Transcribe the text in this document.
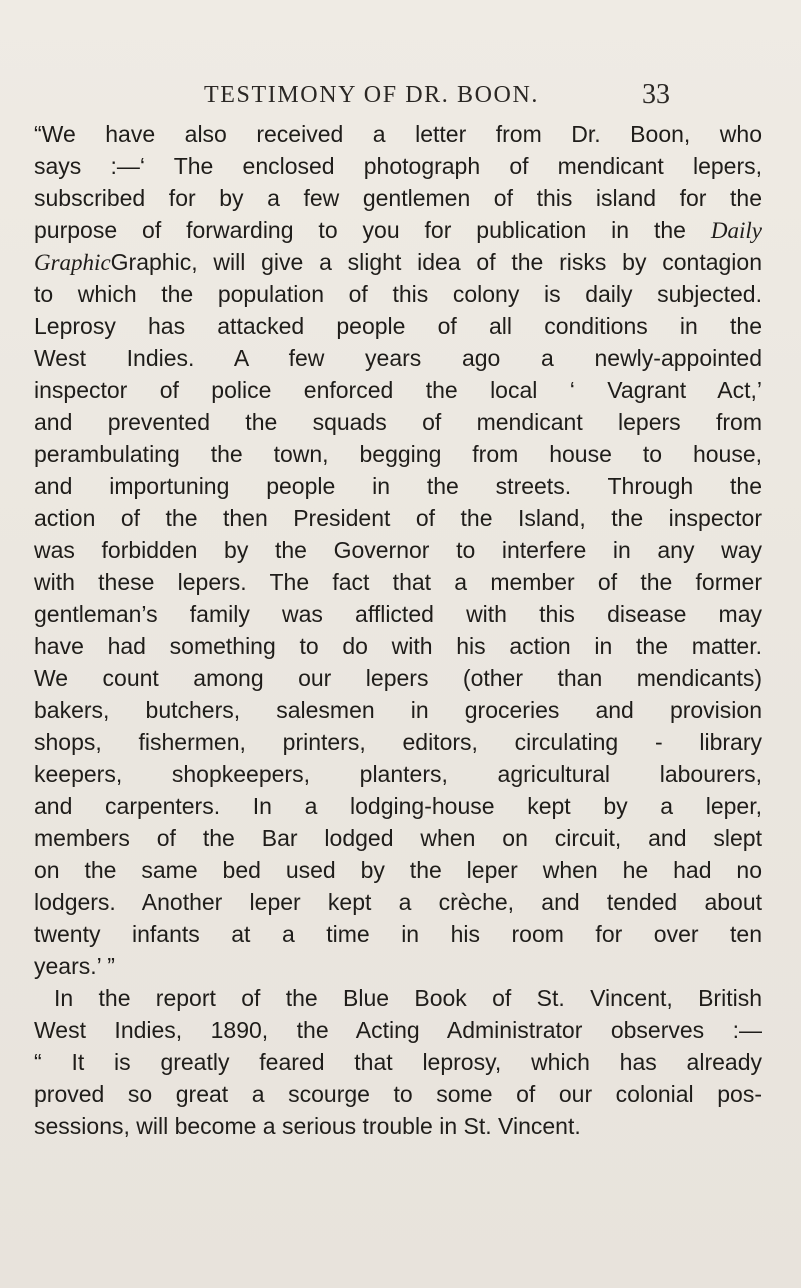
TESTIMONY OF DR. BOON.	33
“We have also received a letter from Dr. Boon, who
says :—‘ The enclosed photograph of mendicant lepers,
subscribed for by a few gentlemen of this island for the
purpose of forwarding to you for publication in the Daily
GraphicGraphic, will give a slight idea of the risks by contagion
to which the population of this colony is daily subjected.
Leprosy has attacked people of all conditions in the
West Indies. A few years ago a newly-appointed
inspector of police enforced the local ‘ Vagrant Act,’
and prevented the squads of mendicant lepers from
perambulating the town, begging from house to house,
and importuning people in the streets. Through the
action of the then President of the Island, the inspector
was forbidden by the Governor to interfere in any way
with these lepers. The fact that a member of the former
gentleman’s family was afflicted with this disease may
have had something to do with his action in the matter.
We count among our lepers (other than mendicants)
bakers, butchers, salesmen in groceries and provision
shops, fishermen, printers, editors, circulating - library
keepers, shopkeepers, planters, agricultural labourers,
and carpenters. In a lodging-house kept by a leper,
members of the Bar lodged when on circuit, and slept
on the same bed used by the leper when he had no
lodgers. Another leper kept a crèche, and tended about
twenty infants at a time in his room for over ten
years.’ ”
In the report of the Blue Book of St. Vincent, British
West Indies, 1890, the Acting Administrator observes :—
“ It is greatly feared that leprosy, which has already
proved so great a scourge to some of our colonial pos-
sessions, will become a serious trouble in St. Vincent.
